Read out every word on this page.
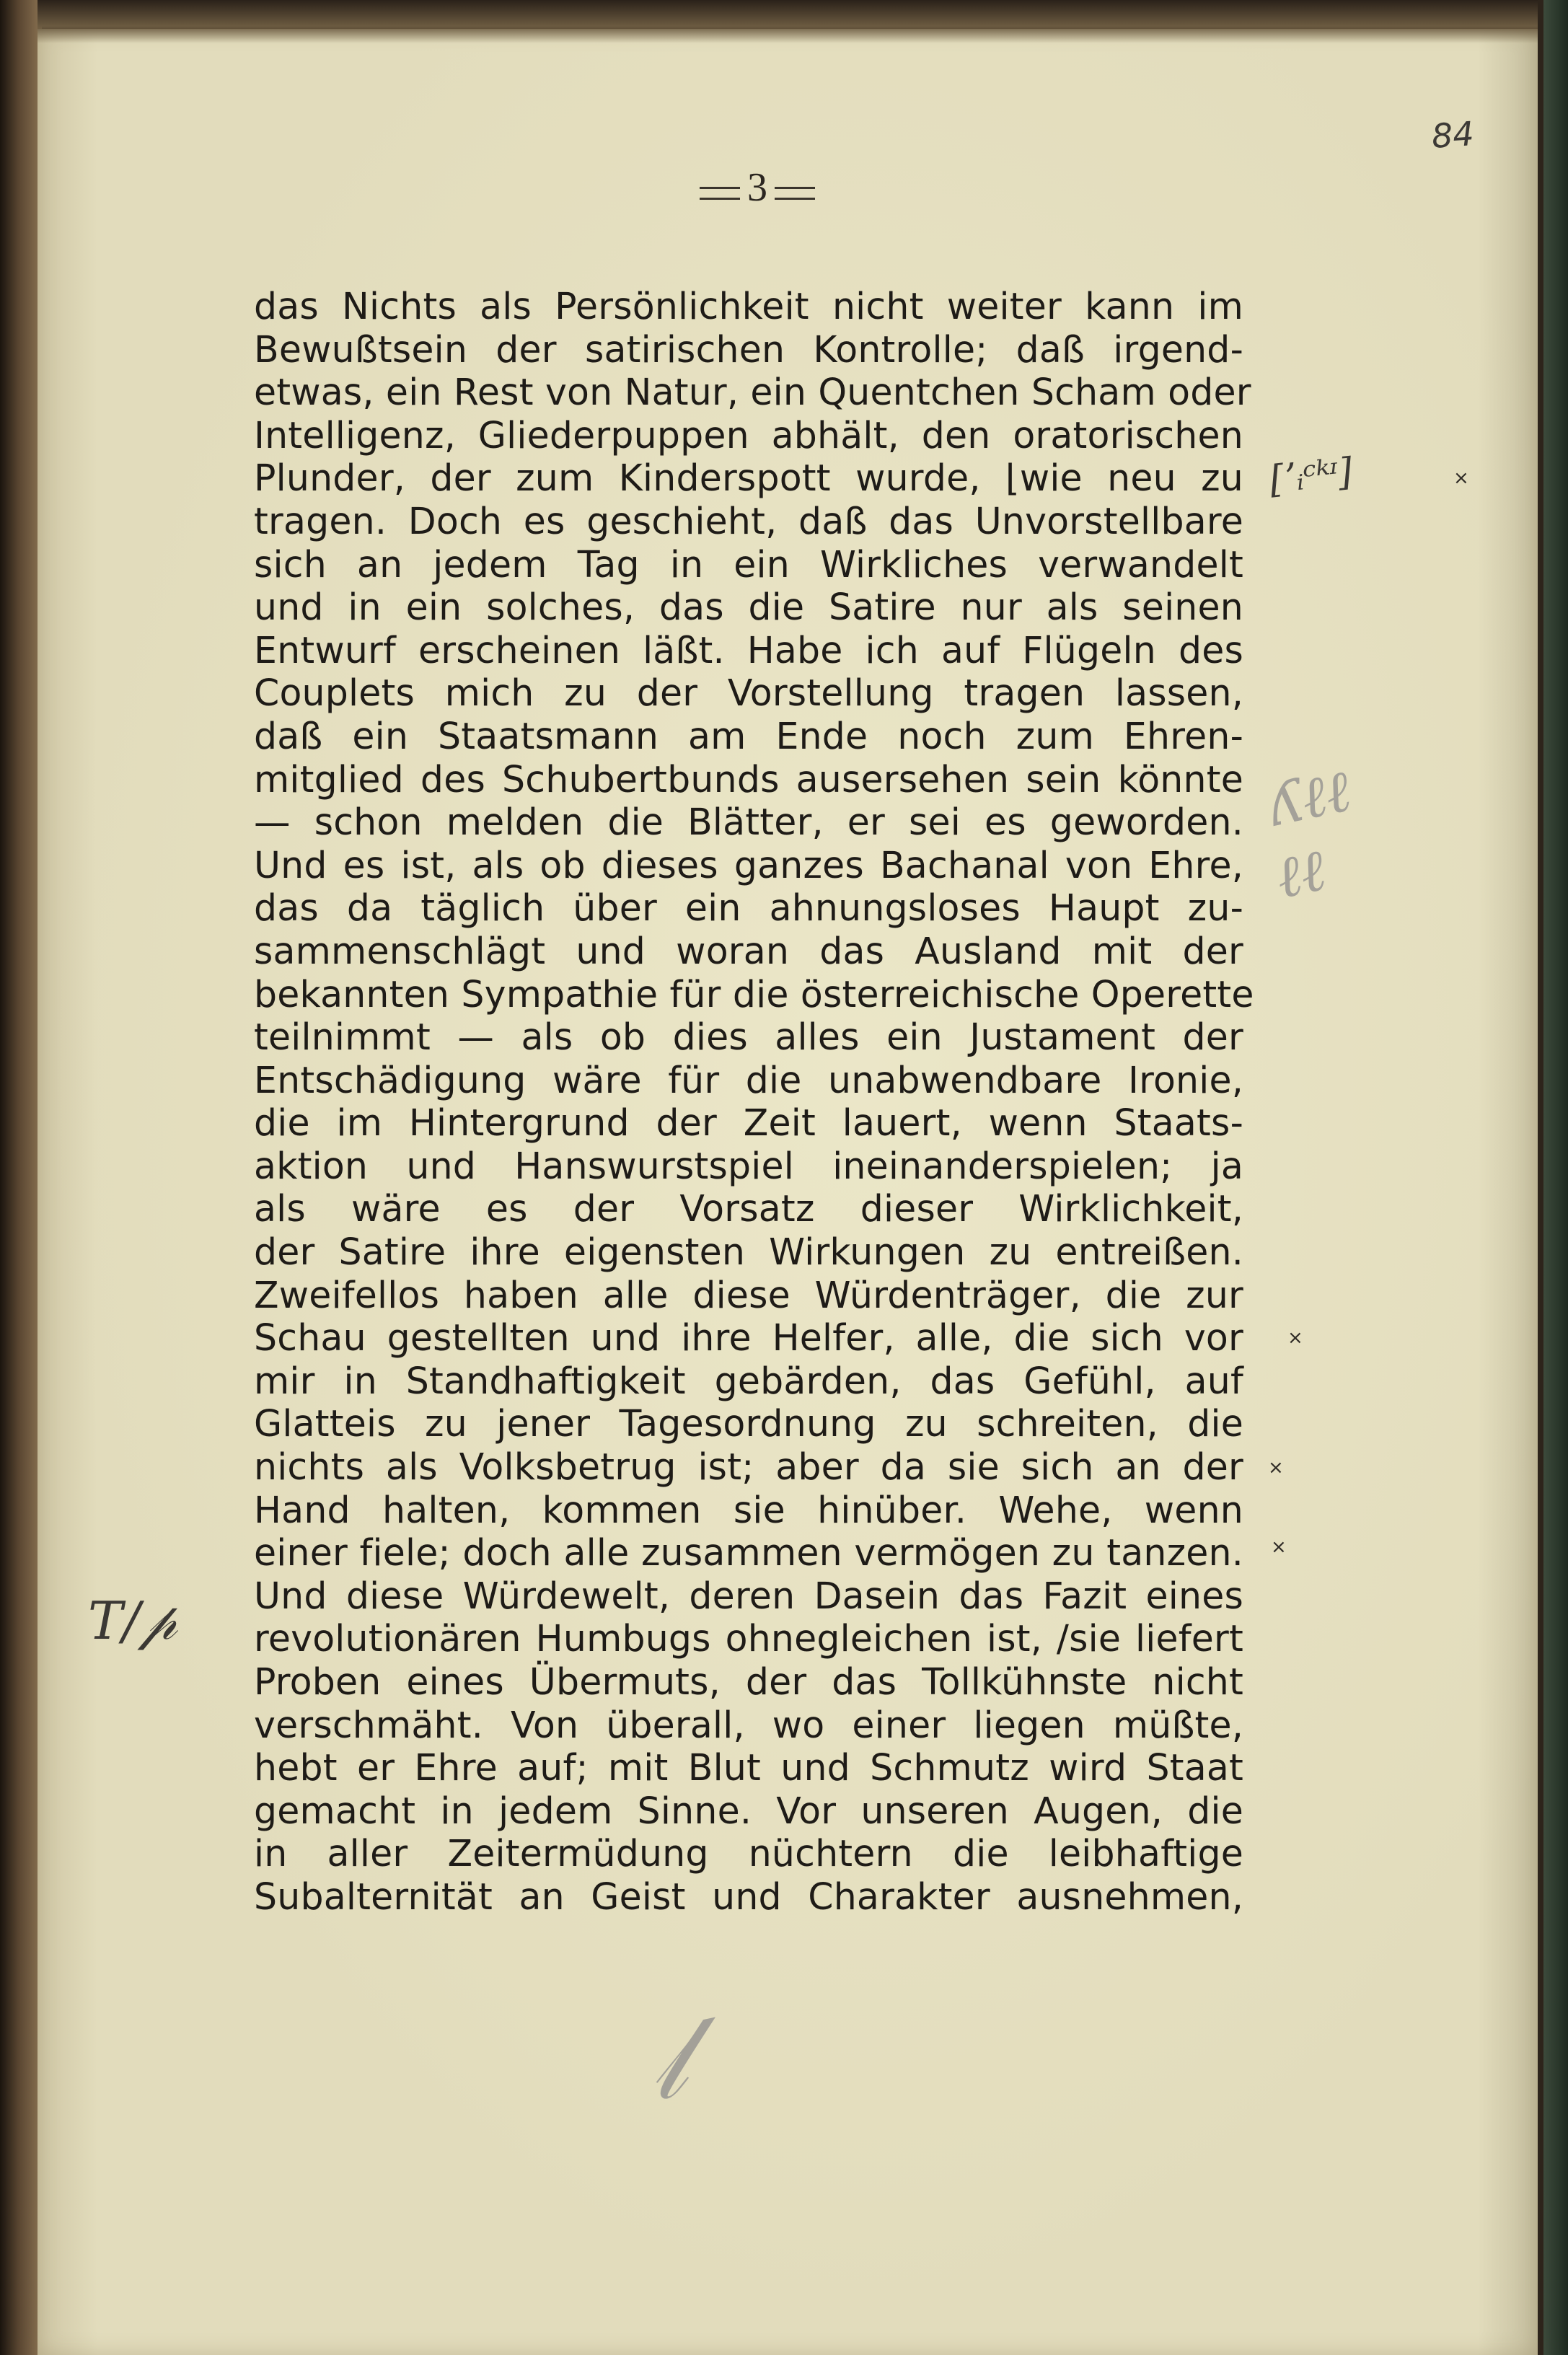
84
3
das Nichts als Persönlichkeit nicht weiter kann im
Bewußtsein der satirischen Kontrolle; daß irgend-
etwas, ein Rest von Natur, ein Quentchen Scham oder
Intelligenz, Gliederpuppen abhält, den oratorischen
Plunder, der zum Kinderspott wurde, ⌊wie neu zu
tragen. Doch es geschieht, daß das Unvorstellbare
sich an jedem Tag in ein Wirkliches verwandelt
und in ein solches, das die Satire nur als seinen
Entwurf erscheinen läßt. Habe ich auf Flügeln des
Couplets mich zu der Vorstellung tragen lassen,
daß ein Staatsmann am Ende noch zum Ehren-
mitglied des Schubertbunds ausersehen sein könnte
— schon melden die Blätter, er sei es geworden.
Und es ist, als ob dieses ganzes Bachanal von Ehre,
das da täglich über ein ahnungsloses Haupt zu-
sammenschlägt und woran das Ausland mit der
bekannten Sympathie für die österreichische Operette
teilnimmt — als ob dies alles ein Justament der
Entschädigung wäre für die unabwendbare Ironie,
die im Hintergrund der Zeit lauert, wenn Staats-
aktion und Hanswurstspiel ineinanderspielen; ja
als wäre es der Vorsatz dieser Wirklichkeit,
der Satire ihre eigensten Wirkungen zu entreißen.
Zweifellos haben alle diese Würdenträger, die zur
Schau gestellten und ihre Helfer, alle, die sich vor
mir in Standhaftigkeit gebärden, das Gefühl, auf
Glatteis zu jener Tagesordnung zu schreiten, die
nichts als Volksbetrug ist; aber da sie sich an der
Hand halten, kommen sie hinüber. Wehe, wenn
einer fiele; doch alle zusammen vermögen zu tanzen.
Und diese Würdewelt, deren Dasein das Fazit eines
revolutionären Humbugs ohnegleichen ist, /sie liefert
Proben eines Übermuts, der das Tollkühnste nicht
verschmäht. Von überall, wo einer liegen müßte,
hebt er Ehre auf; mit Blut und Schmutz wird Staat
gemacht in jedem Sinne. Vor unseren Augen, die
in aller Zeitermüdung nüchtern die leibhaftige
Subalternität an Geist und Charakter ausnehmen,
[ʼᵢᶜᵏᶦ]	×
T/𝓅
ʎℓℓ
ℓℓ
𝓁
×
×
×
